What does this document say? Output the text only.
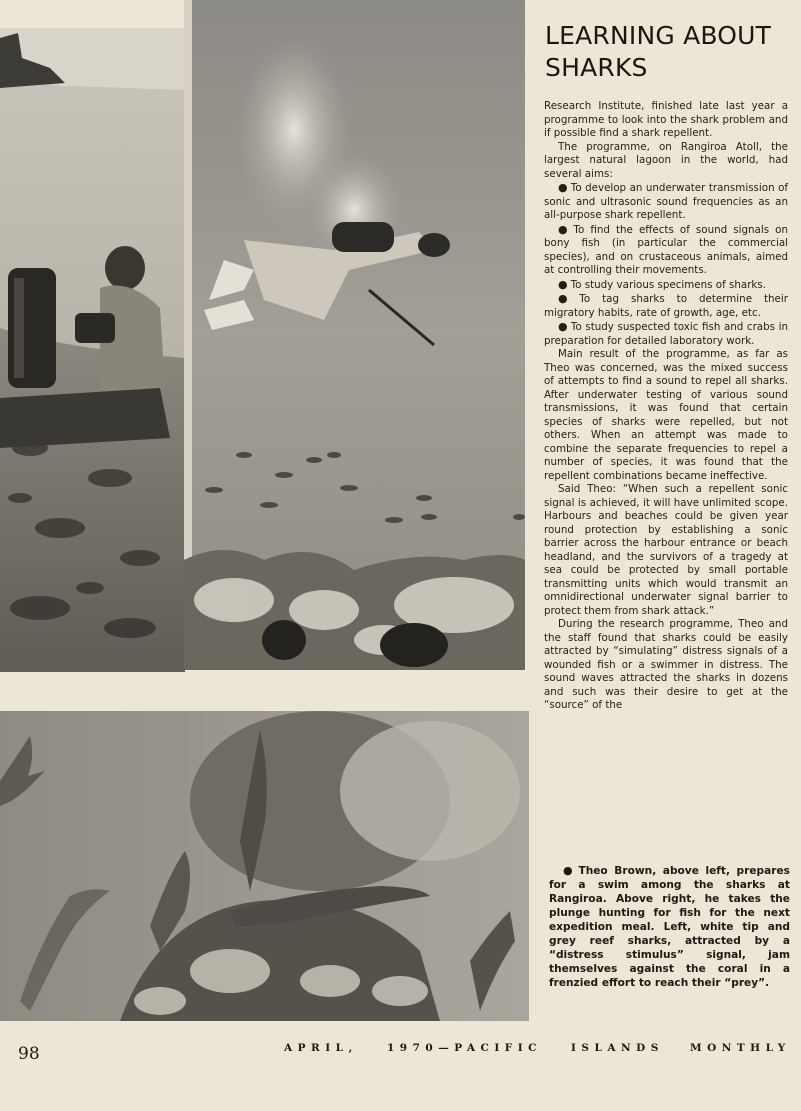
LEARNING ABOUT SHARKS

Research Institute, finished late last year a programme to look into the shark problem and if possible find a shark repellent.

The programme, on Rangiroa Atoll, the largest natural lagoon in the world, had several aims:

● To develop an underwater transmission of sonic and ultrasonic sound frequencies as an all-purpose shark repellent.

● To find the effects of sound signals on bony fish (in particular the commercial species), and on crustaceous animals, aimed at controlling their movements.

● To study various specimens of sharks.

● To tag sharks to determine their migratory habits, rate of growth, age, etc.

● To study suspected toxic fish and crabs in preparation for detailed laboratory work.

Main result of the programme, as far as Theo was concerned, was the mixed success of attempts to find a sound to repel all sharks. After underwater testing of various sound transmissions, it was found that certain species of sharks were repelled, but not others. When an attempt was made to combine the separate frequencies to repel a number of species, it was found that the repellent combinations became ineffective.

Said Theo: “When such a repellent sonic signal is achieved, it will have unlimited scope. Harbours and beaches could be given year round protection by establishing a sonic barrier across the harbour entrance or beach headland, and the survivors of a tragedy at sea could be protected by small portable transmitting units which would transmit an omnidirectional underwater signal barrier to protect them from shark attack.”

During the research programme, Theo and the staff found that sharks could be easily attracted by “simulating” distress signals of a wounded fish or a swimmer in distress. The sound waves attracted the sharks in dozens and such was their desire to get at the “source” of the

● Theo Brown, above left, prepares for a swim among the sharks at Rangiroa. Above right, he takes the plunge hunting for fish for the next expedition meal. Left, white tip and grey reef sharks, attracted by a “distress stimulus” signal, jam themselves against the coral in a frenzied effort to reach their “prey”.
98	APRIL,	1970—PACIFIC	ISLANDS MONTHLY
